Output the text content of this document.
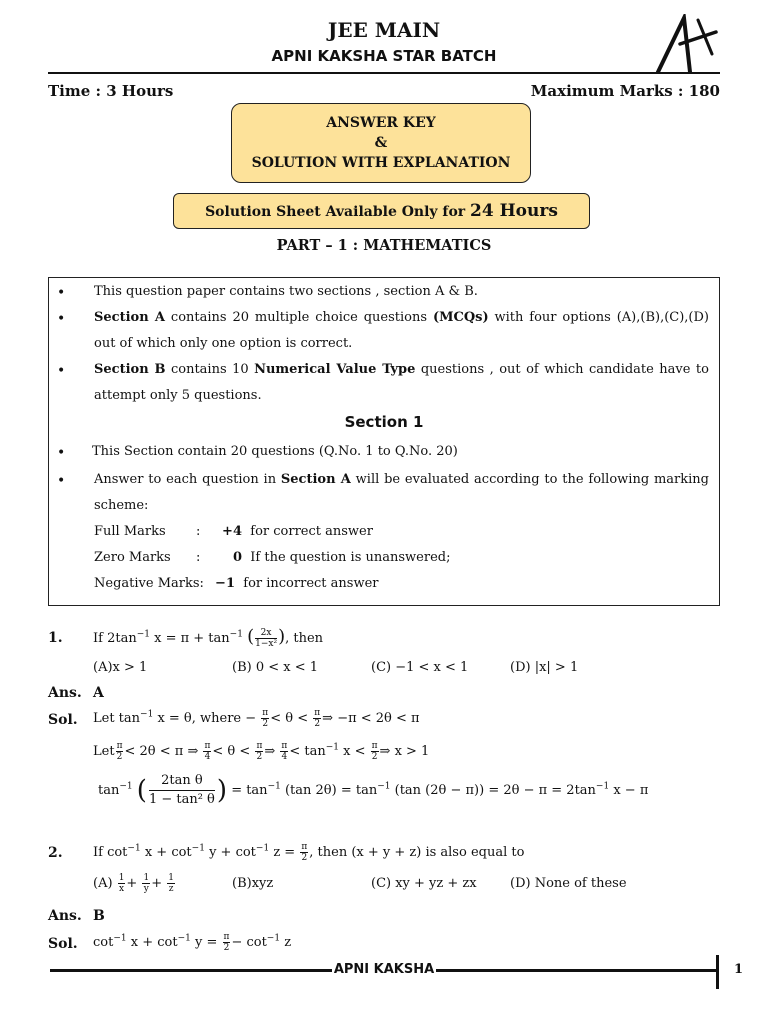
JEE MAIN
APNI KAKSHA STAR BATCH
Time : 3 Hours	Maximum Marks : 180
ANSWER KEY
&
SOLUTION WITH EXPLANATION
Solution Sheet Available Only for 24 Hours
PART – 1 : MATHEMATICS
• This question paper contains two sections , section A & B.
• Section A contains 20 multiple choice questions (MCQs) with four options (A),(B),(C),(D) out of which only one option is correct.
• Section B contains 10 Numerical Value Type questions , out of which candidate have to attempt only 5 questions.
Section 1
• This Section contain 20 questions (Q.No. 1 to Q.No. 20)
• Answer to each question in Section A will be evaluated according to the following marking scheme:
Full Marks : +4 for correct answer
Zero Marks :	0 If the question is unanswered;
Negative Marks: −1 for incorrect answer
1. If $2\tan^{-1}$ $x = \pi + \tan^{-1}$ ( $\frac{2x}{\text{1−x²}}$ ), then
(A)x > 1	(B) 0 < x < 1	(C) −1 < x < 1	(D) |x| > 1
Ans. A
Sol. Let $\tan^{-1} x = \theta$, where − $\frac{\pi}{2} < \theta < \frac{\pi}{2}$ ⇒ −π < 2θ < π
Let $\frac{\pi}{2} < 2\theta < \pi$ ⇒ $\frac{\pi}{4} < \theta < \frac{\pi}{2}$ ⇒ $\frac{\pi}{4} < \tan^{-1} x < \frac{\pi}{2}$ ⇒ x > 1
$\tan^{-1}$ ( $\frac{\text{2tan θ}}{\text{1 − tan² θ}}$ ) = $\tan^{-1} (\tan$ $2\theta) = \tan^{-1} (\tan$ $(2\theta - \pi)) = 2\theta - \pi = 2\tan^{-1}$ x − π
2. If $\cot^{-1} x + \cot^{-1} y + \cot^{-1} z = \frac{\pi}{2}$ , then (x + y + z) is also equal to
$(A) \frac{1}{x} + \frac{1}{y} + \frac{1}{z}$	(B)xyz	(C) xy + yz + zx	(D) None of these
Ans. B
Sol. $\cot^{-1} x + \cot^{-1} y = \frac{\pi}{2} - \cot^{-1} z$
APNI KAKSHA	1
